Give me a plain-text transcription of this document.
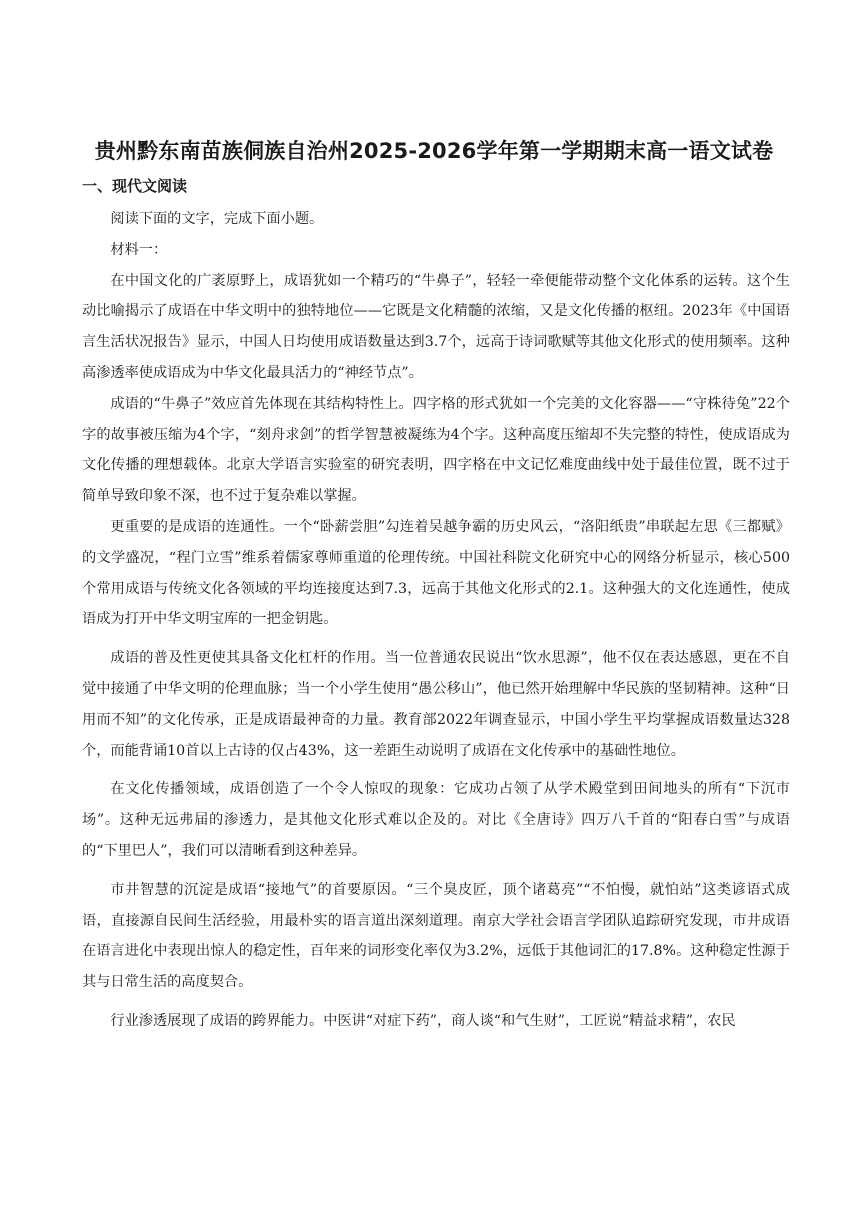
贵州黔东南苗族侗族自治州2025-2026学年第一学期期末高一语文试卷
一、现代文阅读

阅读下面的文字，完成下面小题。

材料一：

在中国文化的广袤原野上，成语犹如一个精巧的“牛鼻子”，轻轻一牵便能带动整个文化体系的运转。这个生动比喻揭示了成语在中华文明中的独特地位——它既是文化精髓的浓缩，又是文化传播的枢纽。2023年《中国语言生活状况报告》显示，中国人日均使用成语数量达到3.7个，远高于诗词歌赋等其他文化形式的使用频率。这种高渗透率使成语成为中华文化最具活力的“神经节点”。

成语的“牛鼻子”效应首先体现在其结构特性上。四字格的形式犹如一个完美的文化容器——“守株待兔”22个字的故事被压缩为4个字，“刻舟求剑”的哲学智慧被凝练为4个字。这种高度压缩却不失完整的特性，使成语成为文化传播的理想载体。北京大学语言实验室的研究表明，四字格在中文记忆难度曲线中处于最佳位置，既不过于简单导致印象不深，也不过于复杂难以掌握。

更重要的是成语的连通性。一个“卧薪尝胆”勾连着吴越争霸的历史风云，“洛阳纸贵”串联起左思《三都赋》的文学盛况，“程门立雪”维系着儒家尊师重道的伦理传统。中国社科院文化研究中心的网络分析显示，核心500个常用成语与传统文化各领域的平均连接度达到7.3，远高于其他文化形式的2.1。这种强大的文化连通性，使成语成为打开中华文明宝库的一把金钥匙。

成语的普及性更使其具备文化杠杆的作用。当一位普通农民说出“饮水思源”，他不仅在表达感恩，更在不自觉中接通了中华文明的伦理血脉；当一个小学生使用“愚公移山”，他已然开始理解中华民族的坚韧精神。这种“日用而不知”的文化传承，正是成语最神奇的力量。教育部2022年调查显示，中国小学生平均掌握成语数量达328个，而能背诵10首以上古诗的仅占43%，这一差距生动说明了成语在文化传承中的基础性地位。

在文化传播领域，成语创造了一个令人惊叹的现象：它成功占领了从学术殿堂到田间地头的所有“下沉市场”。这种无远弗届的渗透力，是其他文化形式难以企及的。对比《全唐诗》四万八千首的“阳春白雪”与成语的“下里巴人”，我们可以清晰看到这种差异。

市井智慧的沉淀是成语“接地气”的首要原因。“三个臭皮匠，顶个诸葛亮”“不怕慢，就怕站”这类谚语式成语，直接源自民间生活经验，用最朴实的语言道出深刻道理。南京大学社会语言学团队追踪研究发现，市井成语在语言进化中表现出惊人的稳定性，百年来的词形变化率仅为3.2%，远低于其他词汇的17.8%。这种稳定性源于其与日常生活的高度契合。

行业渗透展现了成语的跨界能力。中医讲“对症下药”，商人谈“和气生财”，工匠说“精益求精”，农民
